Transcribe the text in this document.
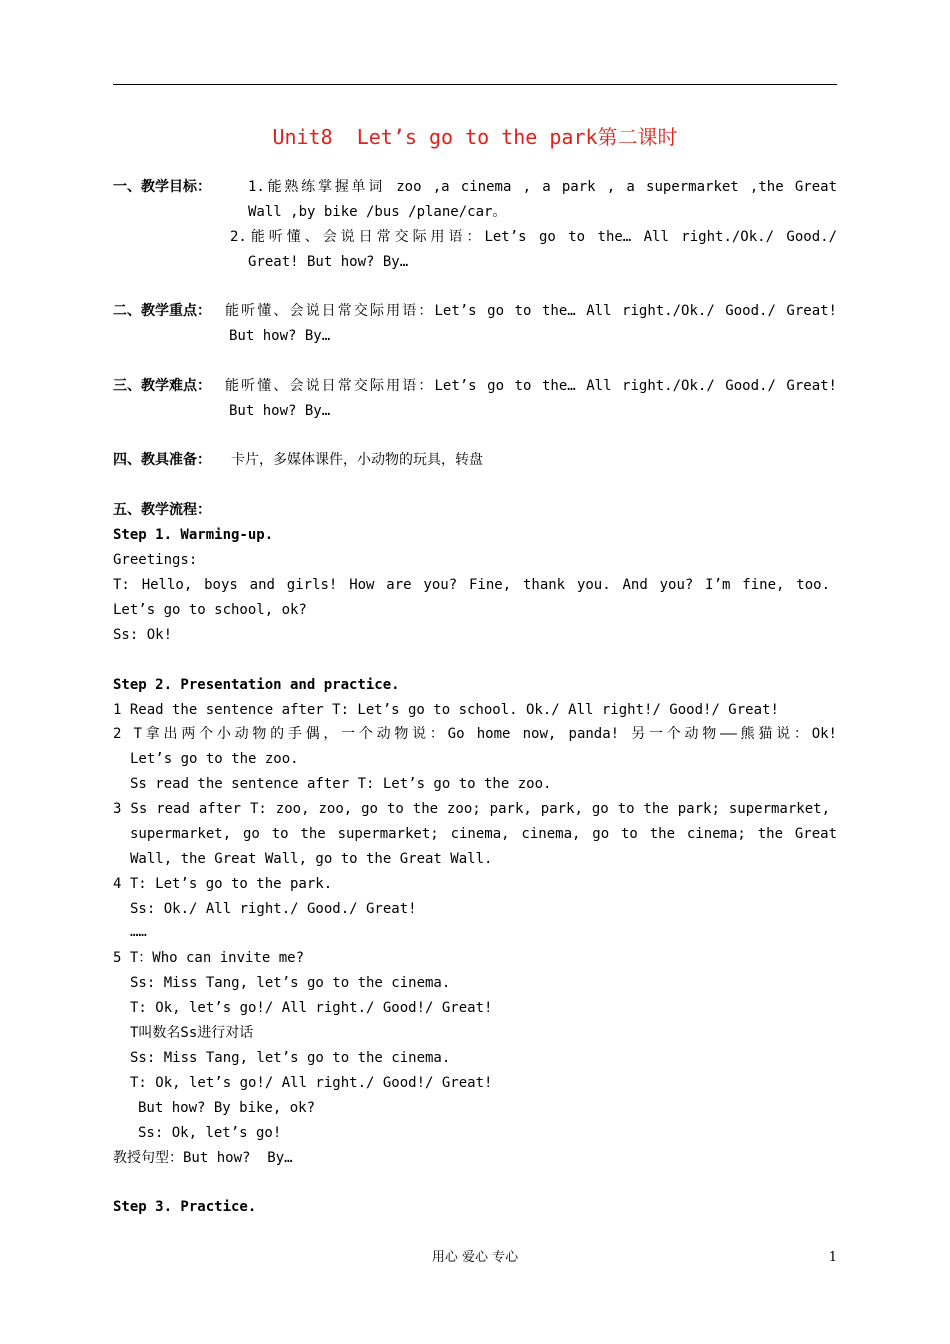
Unit8  Let’s go to the park第二课时
一、教学目标：	1.能熟练掌握单词 zoo ,a cinema , a park , a supermarket ,the Great
Wall ,by bike /bus /plane/car。
2.能听懂、会说日常交际用语：Let’s go to the… All right./Ok./ Good./
Great! But how? By…
二、教学重点： 能听懂、会说日常交际用语：Let’s go to the… All right./Ok./ Good./ Great!
But how? By…
三、教学难点： 能听懂、会说日常交际用语：Let’s go to the… All right./Ok./ Good./ Great!
But how? By…
四、教具准备： 卡片，多媒体课件，小动物的玩具，转盘
五、教学流程：
Step 1. Warming-up.
Greetings:
T: Hello, boys and girls! How are you? Fine, thank you. And you? I’m fine, too.
Let’s go to school, ok?
Ss: Ok!
Step 2. Presentation and practice.
1 Read the sentence after T: Let’s go to school. Ok./ All right!/ Good!/ Great!
2 T拿出两个小动物的手偶，一个动物说：Go home now, panda! 另一个动物——熊猫说：Ok!
Let’s go to the zoo.
Ss read the sentence after T: Let’s go to the zoo.
3 Ss read after T: zoo, zoo, go to the zoo; park, park, go to the park; supermarket,
supermarket, go to the supermarket; cinema, cinema, go to the cinema; the Great
Wall, the Great Wall, go to the Great Wall.
4 T: Let’s go to the park.
Ss: Ok./ All right./ Good./ Great!
……
5 T：Who can invite me?
Ss: Miss Tang, let’s go to the cinema.
T: Ok, let’s go!/ All right./ Good!/ Great!
T叫数名Ss进行对话
Ss: Miss Tang, let’s go to the cinema.
T: Ok, let’s go!/ All right./ Good!/ Great!
But how? By bike, ok?
Ss: Ok, let’s go!
教授句型：But how?  By…
Step 3. Practice.
用心 爱心 专心	1
